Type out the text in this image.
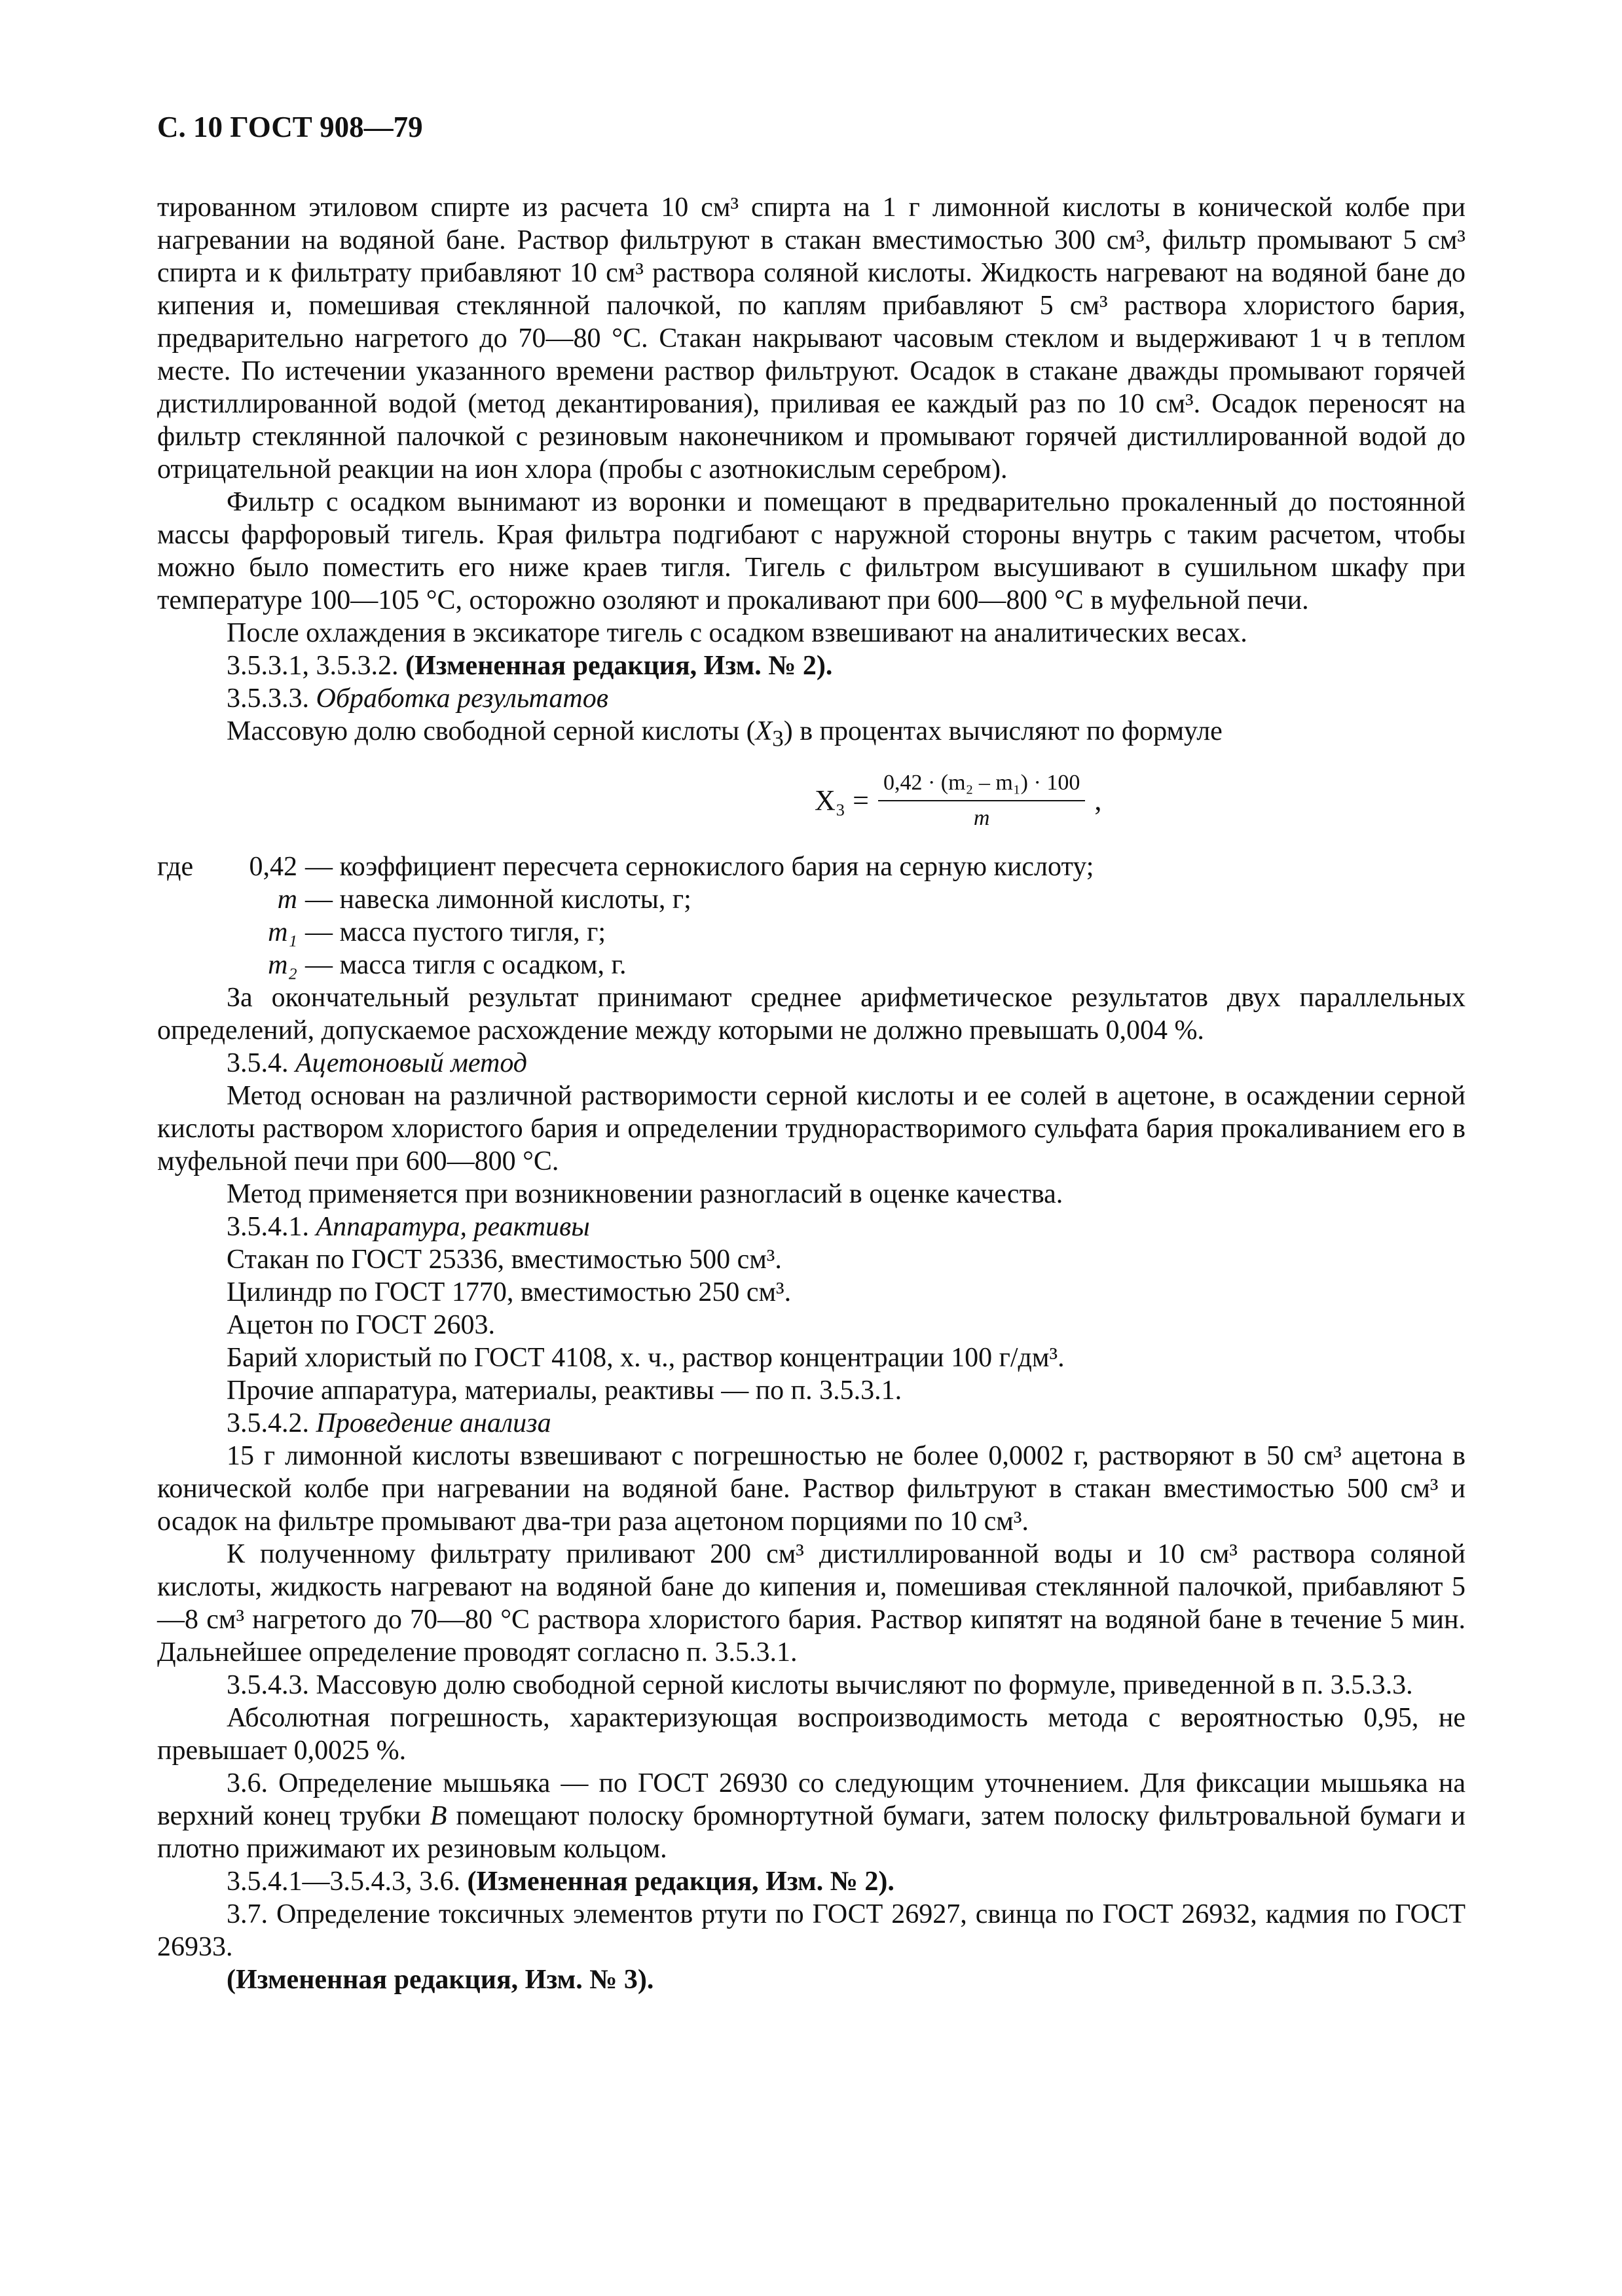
С. 10 ГОСТ 908—79

тированном этиловом спирте из расчета 10 см³ спирта на 1 г лимонной кислоты в конической колбе при нагревании на водяной бане. Раствор фильтруют в стакан вместимостью 300 см³, фильтр промывают 5 см³ спирта и к фильтрату прибавляют 10 см³ раствора соляной кислоты. Жидкость нагревают на водяной бане до кипения и, помешивая стеклянной палочкой, по каплям прибавляют 5 см³ раствора хлористого бария, предварительно нагретого до 70—80 °С. Стакан накрывают часовым стеклом и выдерживают 1 ч в теплом месте. По истечении указанного времени раствор фильтруют. Осадок в стакане дважды промывают горячей дистиллированной водой (метод декантирования), приливая ее каждый раз по 10 см³. Осадок переносят на фильтр стеклянной палочкой с резиновым наконечником и промывают горячей дистиллированной водой до отрицательной реакции на ион хлора (пробы с азотнокислым серебром).

Фильтр с осадком вынимают из воронки и помещают в предварительно прокаленный до постоянной массы фарфоровый тигель. Края фильтра подгибают с наружной стороны внутрь с таким расчетом, чтобы можно было поместить его ниже краев тигля. Тигель с фильтром высушивают в сушильном шкафу при температуре 100—105 °С, осторожно озоляют и прокаливают при 600—800 °С в муфельной печи.

После охлаждения в эксикаторе тигель с осадком взвешивают на аналитических весах.

3.5.3.1, 3.5.3.2. (Измененная редакция, Изм. № 2).

3.5.3.3. Обработка результатов

Массовую долю свободной серной кислоты $(X_3)$ в процентах вычисляют по формуле

$X_3 = \frac{\text{0,42 · (m₂ – m₁) · 100}}{m}$ ,
где	0,42 — коэффициент пересчета сернокислого бария на серную кислоту;
m — навеска лимонной кислоты, г;
m₁ — масса пустого тигля, г;
m₂ — масса тигля с осадком, г.

За окончательный результат принимают среднее арифметическое результатов двух параллельных определений, допускаемое расхождение между которыми не должно превышать 0,004 %.

3.5.4. Ацетоновый метод

Метод основан на различной растворимости серной кислоты и ее солей в ацетоне, в осаждении серной кислоты раствором хлористого бария и определении труднорастворимого сульфата бария прокаливанием его в муфельной печи при 600—800 °С.

Метод применяется при возникновении разногласий в оценке качества.

3.5.4.1. Аппаратура, реактивы

Стакан по ГОСТ 25336, вместимостью 500 см³.

Цилиндр по ГОСТ 1770, вместимостью 250 см³.

Ацетон по ГОСТ 2603.

Барий хлористый по ГОСТ 4108, х. ч., раствор концентрации 100 г/дм³.

Прочие аппаратура, материалы, реактивы — по п. 3.5.3.1.

3.5.4.2. Проведение анализа

15 г лимонной кислоты взвешивают с погрешностью не более 0,0002 г, растворяют в 50 см³ ацетона в конической колбе при нагревании на водяной бане. Раствор фильтруют в стакан вместимостью 500 см³ и осадок на фильтре промывают два-три раза ацетоном порциями по 10 см³.

К полученному фильтрату приливают 200 см³ дистиллированной воды и 10 см³ раствора соляной кислоты, жидкость нагревают на водяной бане до кипения и, помешивая стеклянной палочкой, прибавляют 5—8 см³ нагретого до 70—80 °С раствора хлористого бария. Раствор кипятят на водяной бане в течение 5 мин. Дальнейшее определение проводят согласно п. 3.5.3.1.

3.5.4.3. Массовую долю свободной серной кислоты вычисляют по формуле, приведенной в п. 3.5.3.3.

Абсолютная погрешность, характеризующая воспроизводимость метода с вероятностью 0,95, не превышает 0,0025 %.

3.6. Определение мышьяка — по ГОСТ 26930 со следующим уточнением. Для фиксации мышьяка на верхний конец трубки В помещают полоску бромнортутной бумаги, затем полоску фильтровальной бумаги и плотно прижимают их резиновым кольцом.

3.5.4.1—3.5.4.3, 3.6. (Измененная редакция, Изм. № 2).

3.7. Определение токсичных элементов ртути по ГОСТ 26927, свинца по ГОСТ 26932, кадмия по ГОСТ 26933.

(Измененная редакция, Изм. № 3).
